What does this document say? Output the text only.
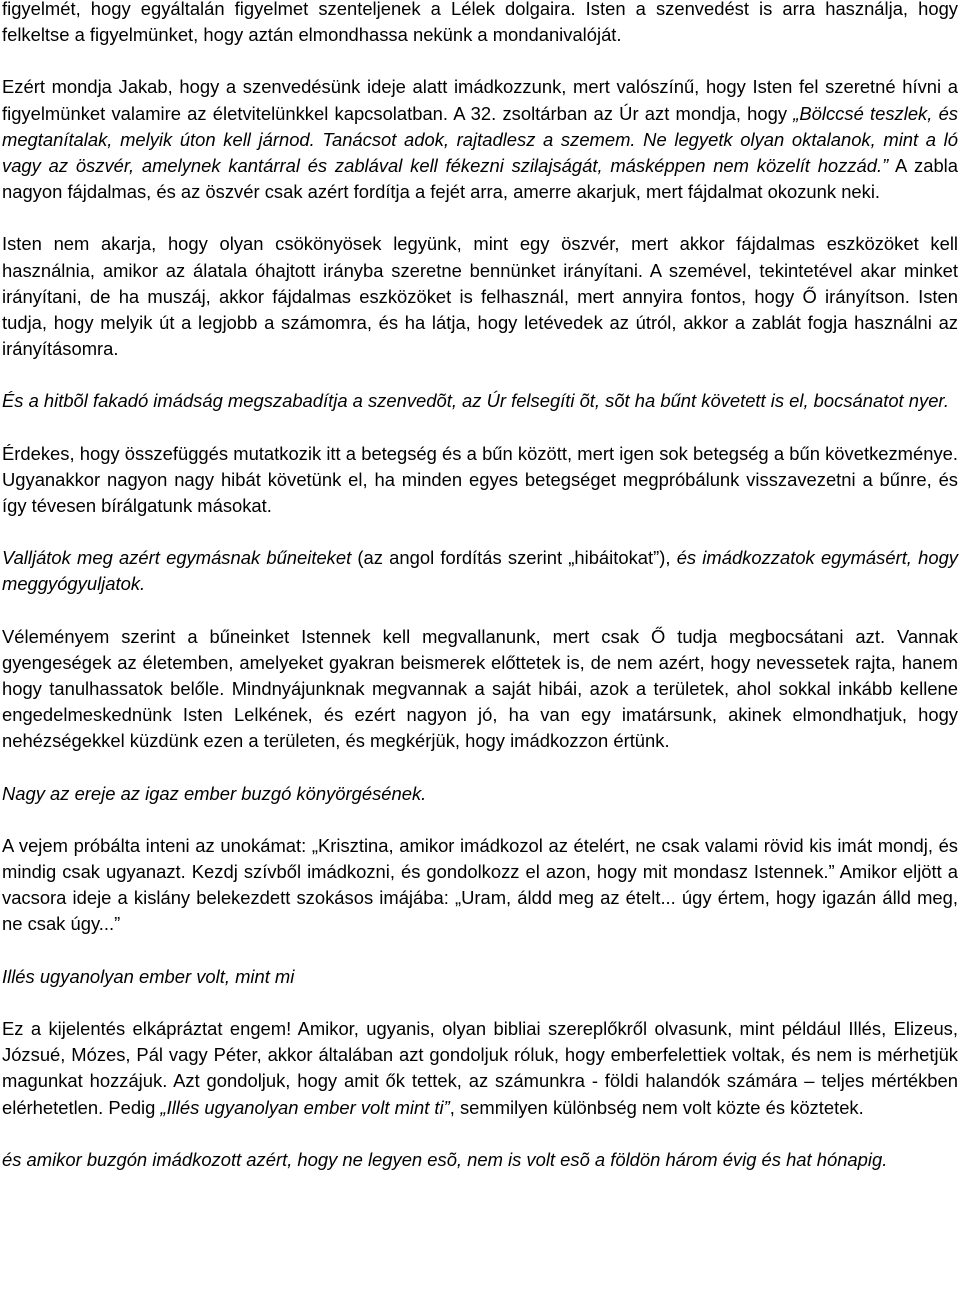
figyelmét, hogy egyáltalán figyelmet szenteljenek a Lélek dolgaira. Isten a szenvedést is arra használja, hogy felkeltse a figyelmünket, hogy aztán elmondhassa nekünk a mondanivalóját.

Ezért mondja Jakab, hogy a szenvedésünk ideje alatt imádkozzunk, mert valószínű, hogy Isten fel szeretné hívni a figyelmünket valamire az életvitelünkkel kapcsolatban. A 32. zsoltárban az Úr azt mondja, hogy „Bölccsé teszlek, és megtanítalak, melyik úton kell járnod. Tanácsot adok, rajtadlesz a szemem. Ne legyetk olyan oktalanok, mint a ló vagy az öszvér, amelynek kantárral és zablával kell fékezni szilajságát, másképpen nem közelít hozzád.” A zabla nagyon fájdalmas, és az öszvér csak azért fordítja a fejét arra, amerre akarjuk, mert fájdalmat okozunk neki.

Isten nem akarja, hogy olyan csökönyösek legyünk, mint egy öszvér, mert akkor fájdalmas eszközöket kell használnia, amikor az álatala óhajtott irányba szeretne bennünket irányítani. A szemével, tekintetével akar minket irányítani, de ha muszáj, akkor fájdalmas eszközöket is felhasznál, mert annyira fontos, hogy Ő irányítson. Isten tudja, hogy melyik út a legjobb a számomra, és ha látja, hogy letévedek az útról, akkor a zablát fogja használni az irányításomra.

És a hitbõl fakadó imádság megszabadítja a szenvedõt, az Úr felsegíti õt, sõt ha bűnt követett is el, bocsánatot nyer.

Érdekes, hogy összefüggés mutatkozik itt a betegség és a bűn között, mert igen sok betegség a bűn következménye. Ugyanakkor nagyon nagy hibát követünk el, ha minden egyes betegséget megpróbálunk visszavezetni a bűnre, és így tévesen bírálgatunk másokat.

Valljátok meg azért egymásnak bűneiteket (az angol fordítás szerint „hibáitokat”), és imádkozzatok egymásért, hogy meggyógyuljatok.

Véleményem szerint a bűneinket Istennek kell megvallanunk, mert csak Ő tudja megbocsátani azt. Vannak gyengeségek az életemben, amelyeket gyakran beismerek előttetek is, de nem azért, hogy nevessetek rajta, hanem hogy tanulhassatok belőle. Mindnyájunknak megvannak a saját hibái, azok a területek, ahol sokkal inkább kellene engedelmeskednünk Isten Lelkének, és ezért nagyon jó, ha van egy imatársunk, akinek elmondhatjuk, hogy nehézségekkel küzdünk ezen a területen, és megkérjük, hogy imádkozzon értünk.

Nagy az ereje az igaz ember buzgó könyörgésének.

A vejem próbálta inteni az unokámat: „Krisztina, amikor imádkozol az ételért, ne csak valami rövid kis imát mondj, és mindig csak ugyanazt. Kezdj szívből imádkozni, és gondolkozz el azon, hogy mit mondasz Istennek.” Amikor eljött a vacsora ideje a kislány belekezdett szokásos imájába: „Uram, áldd meg az ételt... úgy értem, hogy igazán álld meg, ne csak úgy...”

Illés ugyanolyan ember volt, mint mi

Ez a kijelentés elkápráztat engem! Amikor, ugyanis, olyan bibliai szereplőkről olvasunk, mint például Illés, Elizeus, Józsué, Mózes, Pál vagy Péter, akkor általában azt gondoljuk róluk, hogy emberfelettiek voltak, és nem is mérhetjük magunkat hozzájuk. Azt gondoljuk, hogy amit ők tettek, az számunkra - földi halandók számára – teljes mértékben elérhetetlen. Pedig „Illés ugyanolyan ember volt mint ti”, semmilyen különbség nem volt közte és köztetek.

és amikor buzgón imádkozott azért, hogy ne legyen esõ, nem is volt esõ a földön három évig és hat hónapig.
